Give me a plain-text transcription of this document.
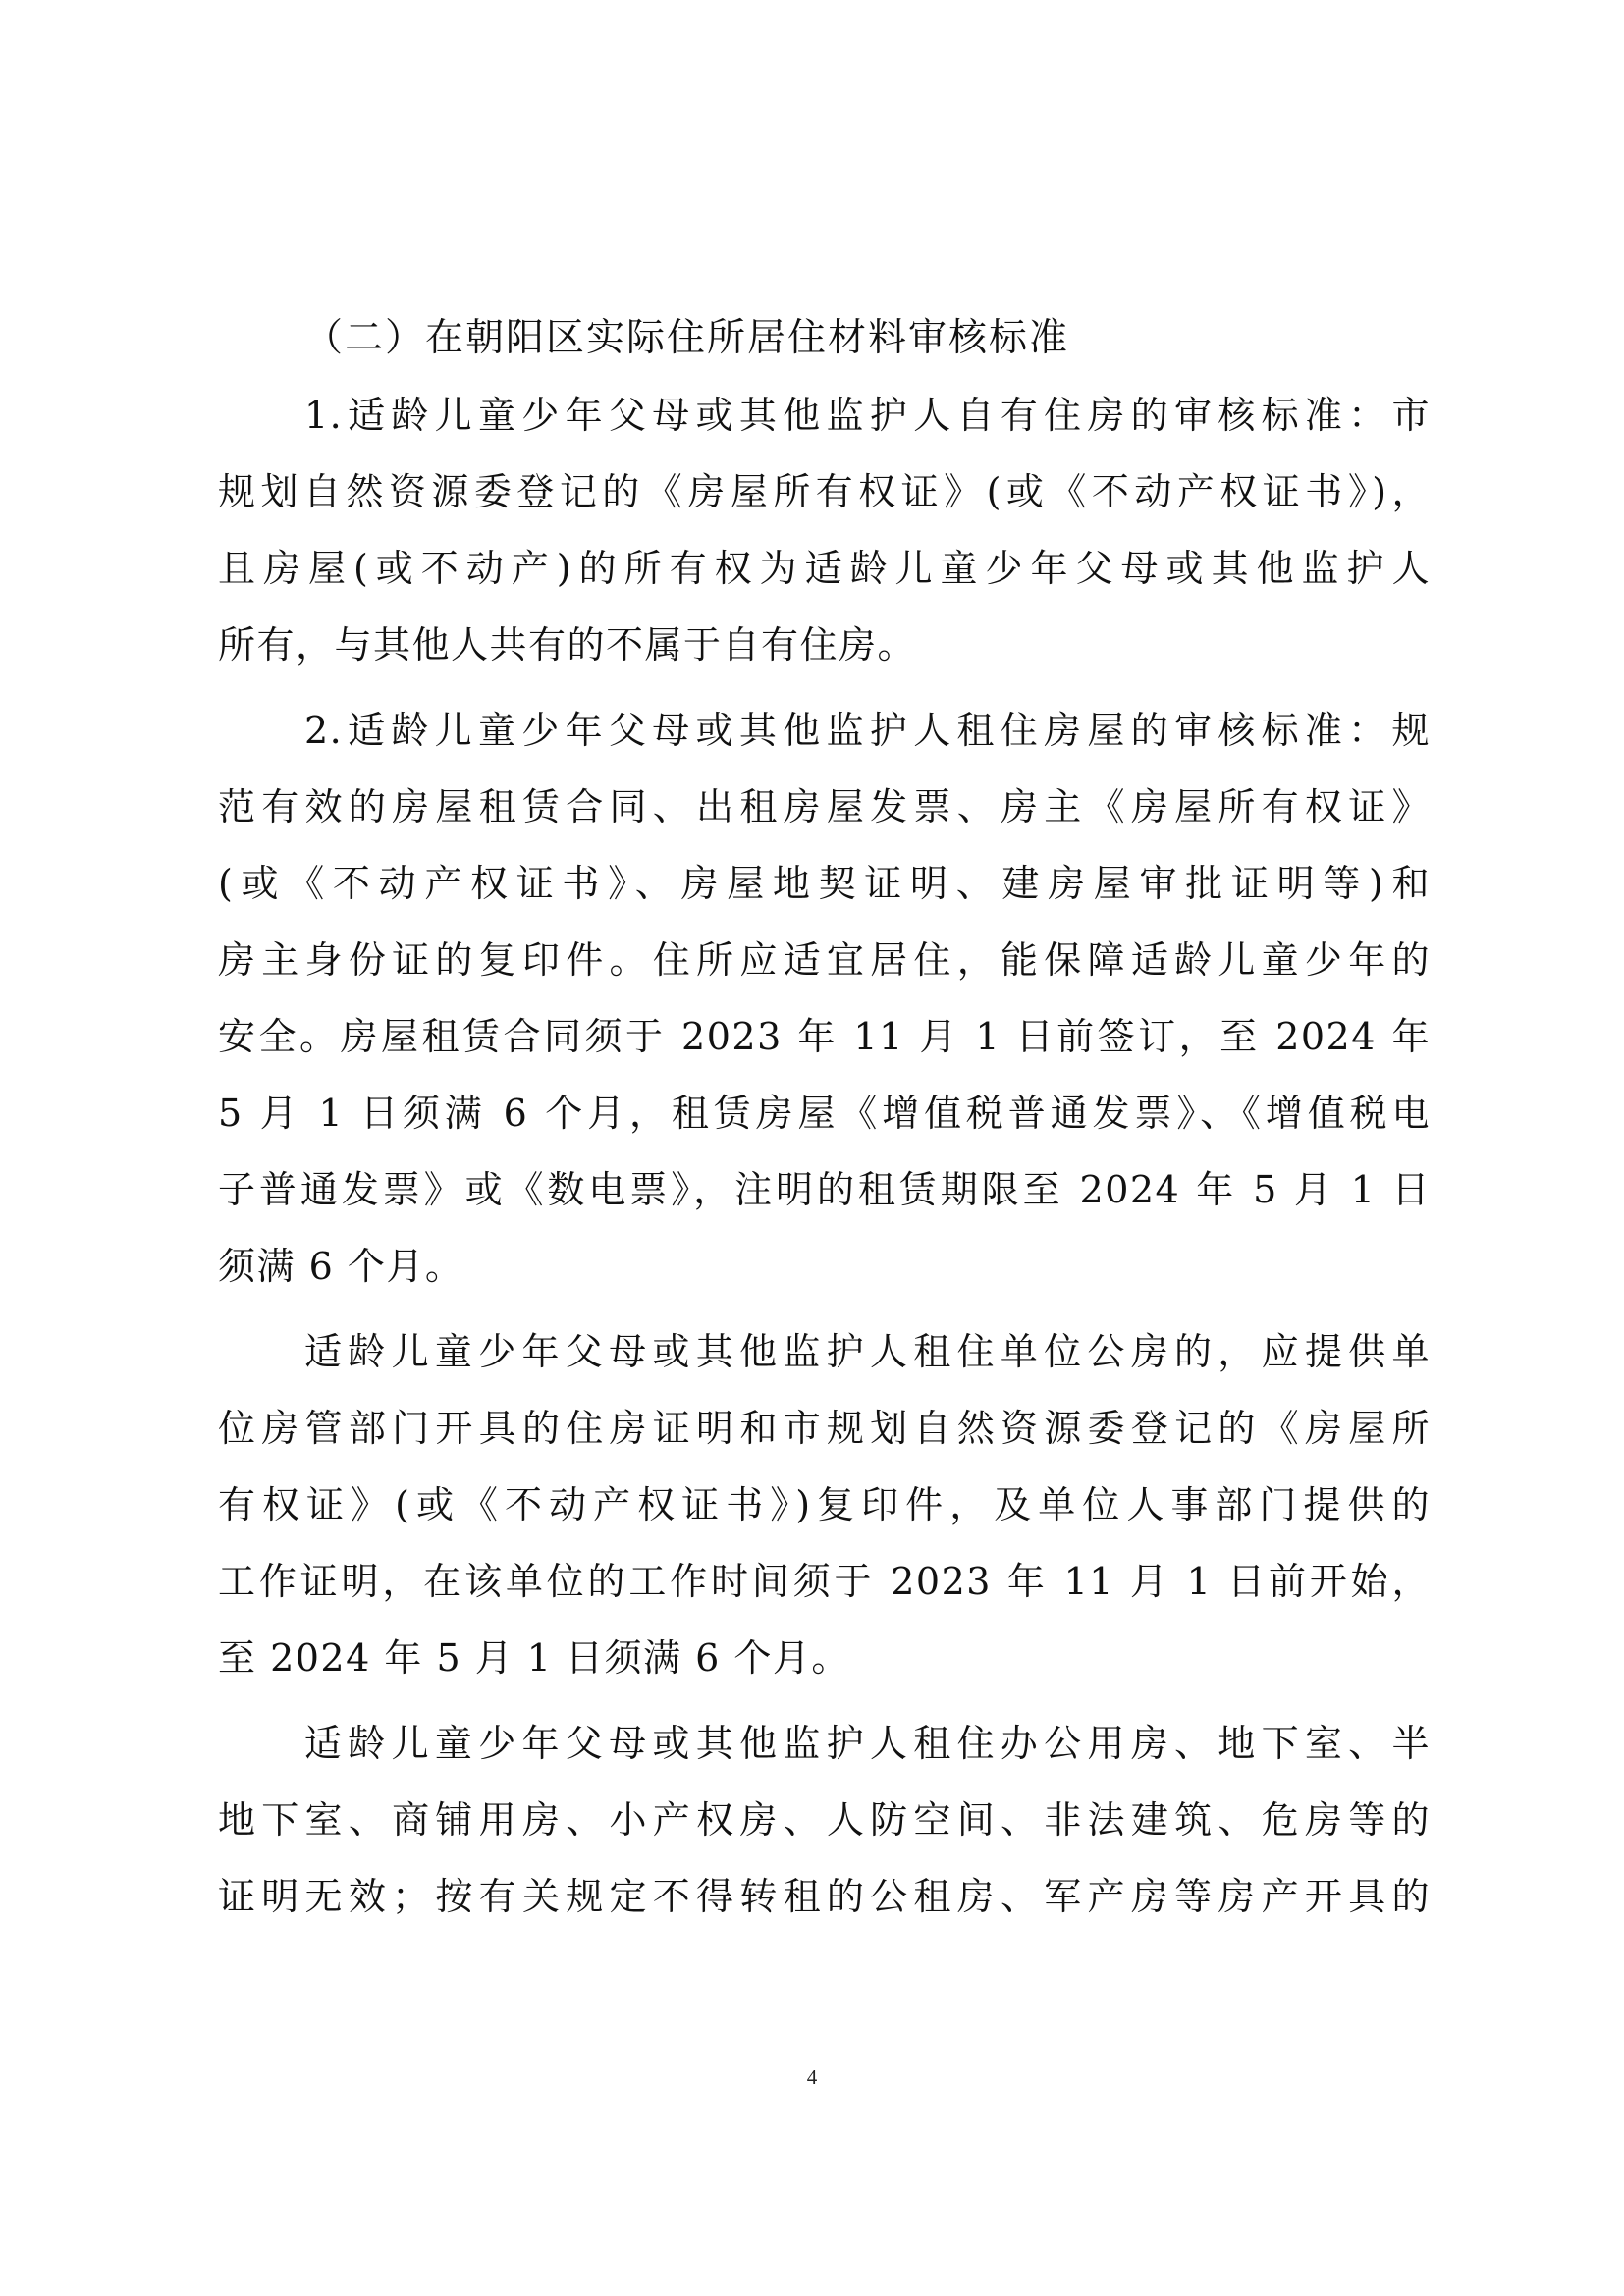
（二）在朝阳区实际住所居住材料审核标准
1.适龄儿童少年父母或其他监护人自有住房的审核标准：市
规划自然资源委登记的《房屋所有权证》(或《不动产权证书》)，
且房屋(或不动产)的所有权为适龄儿童少年父母或其他监护人
所有，与其他人共有的不属于自有住房。
2.适龄儿童少年父母或其他监护人租住房屋的审核标准：规
范有效的房屋租赁合同、出租房屋发票、房主《房屋所有权证》
(或《不动产权证书》、房屋地契证明、建房屋审批证明等)和
房主身份证的复印件。住所应适宜居住，能保障适龄儿童少年的
安全。房屋租赁合同须于 2023 年 11 月 1 日前签订，至 2024 年
5 月 1 日须满 6 个月，租赁房屋《增值税普通发票》、《增值税电
子普通发票》或《数电票》，注明的租赁期限至 2024 年 5 月 1 日
须满 6 个月。
适龄儿童少年父母或其他监护人租住单位公房的，应提供单
位房管部门开具的住房证明和市规划自然资源委登记的《房屋所
有权证》(或《不动产权证书》)复印件，及单位人事部门提供的
工作证明，在该单位的工作时间须于 2023 年 11 月 1 日前开始，
至 2024 年 5 月 1 日须满 6 个月。
适龄儿童少年父母或其他监护人租住办公用房、地下室、半
地下室、商铺用房、小产权房、人防空间、非法建筑、危房等的
证明无效；按有关规定不得转租的公租房、军产房等房产开具的
4
